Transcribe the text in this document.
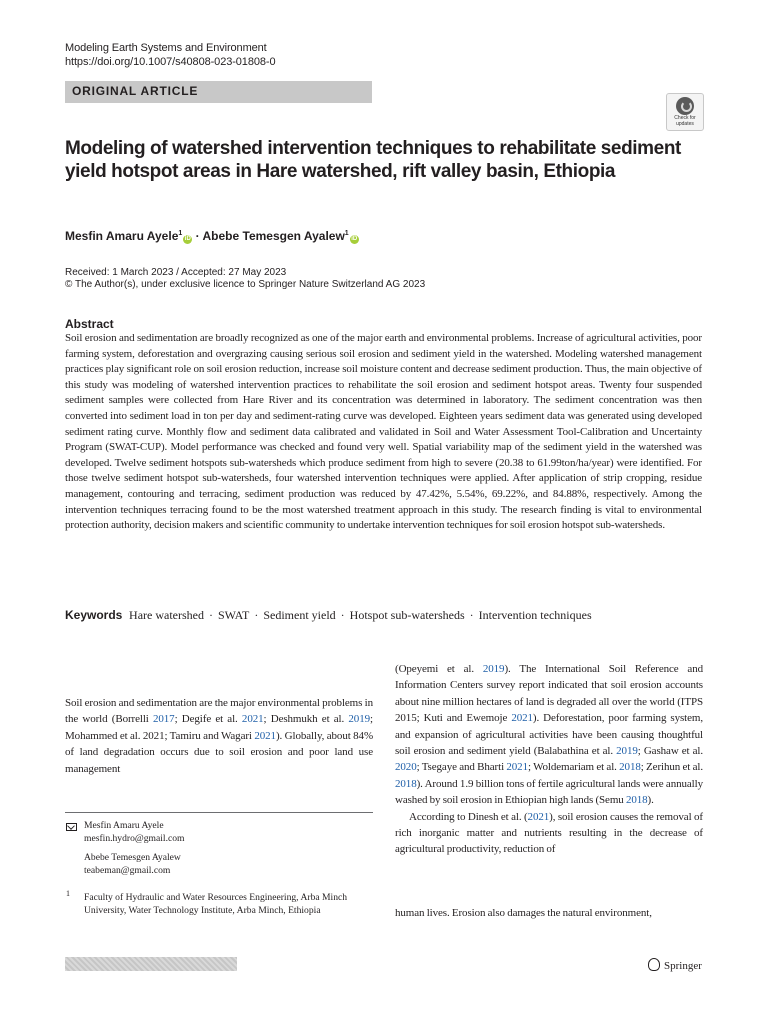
Modeling Earth Systems and Environment
https://doi.org/10.1007/s40808-023-01808-0
ORIGINAL ARTICLE
Check for
updates
Modeling of watershed intervention techniques to rehabilitate sediment yield hotspot areas in Hare watershed, rift valley basin, Ethiopia
Mesfin Amaru Ayele$^1$iD · Abebe Temesgen Ayalew$^1$iD
Received: 1 March 2023 / Accepted: 27 May 2023
© The Author(s), under exclusive licence to Springer Nature Switzerland AG 2023
Abstract
Soil erosion and sedimentation are broadly recognized as one of the major earth and environmental problems. Increase of agricultural activities, poor farming system, deforestation and overgrazing causing serious soil erosion and sediment yield in the watershed. Modeling watershed management practices play significant role on soil erosion reduction, increase soil moisture content and decrease sediment production. Thus, the main objective of this study was modeling of watershed intervention practices to rehabilitate the soil erosion and sediment hotspot areas. Twenty four suspended sediment samples were collected from Hare River and its concentration was determined in laboratory. The sediment concentration was then converted into sediment load in ton per day and sediment-rating curve was developed. Eighteen years sediment data was generated using developed sediment rating curve. Monthly flow and sediment data calibrated and validated in Soil and Water Assessment Tool-Calibration and Uncertainty Program (SWAT-CUP). Model performance was checked and found very well. Spatial variability map of the sediment yield in the watershed was developed. Twelve sediment hotspots sub-watersheds which produce sediment from high to severe (20.38 to 61.99ton/ha/year) were identified. For those twelve sediment hotspot sub-watersheds, four watershed intervention techniques were applied. After application of strip cropping, residue management, contouring and terracing, sediment production was reduced by 47.42%, 5.54%, 69.22%, and 84.88%, respectively. Among the intervention techniques terracing found to be the most watershed treatment approach in this study. The research finding is vital to environmental protection authority, decision makers and scientific community to undertake intervention techniques for soil erosion hotspot sub-watersheds.
Keywords Hare watershed · SWAT · Sediment yield · Hotspot sub-watersheds · Intervention techniques
Soil erosion and sedimentation are the major environmental problems in the world (Borrelli 2017; Degife et al. 2021; Deshmukh et al. 2019; Mohammed et al. 2021; Tamiru and Wagari 2021). Globally, about 84% of land degradation occurs due to soil erosion and poor land use management
Mesfin Amaru Ayele
mesfin.hydro@gmail.com
Abebe Temesgen Ayalew
teabeman@gmail.com
1 Faculty of Hydraulic and Water Resources Engineering, Arba Minch University, Water Technology Institute, Arba Minch, Ethiopia
(Opeyemi et al. 2019). The International Soil Reference and Information Centers survey report indicated that soil erosion accounts about nine million hectares of land is degraded all over the world (ITPS 2015; Kuti and Ewemoje 2021). Deforestation, poor farming system, and expansion of agricultural activities have been causing thoughtful soil erosion and sediment yield (Balabathina et al. 2019; Gashaw et al. 2020; Tsegaye and Bharti 2021; Woldemariam et al. 2018; Zerihun et al. 2018). Around 1.9 billion tons of fertile agricultural lands were annually washed by soil erosion in Ethiopian high lands (Semu 2018).
According to Dinesh et al. (2021), soil erosion causes the removal of rich inorganic matter and nutrients resulting in the decrease of agricultural productivity, reduction of
human lives. Erosion also damages the natural environment,
Springer
